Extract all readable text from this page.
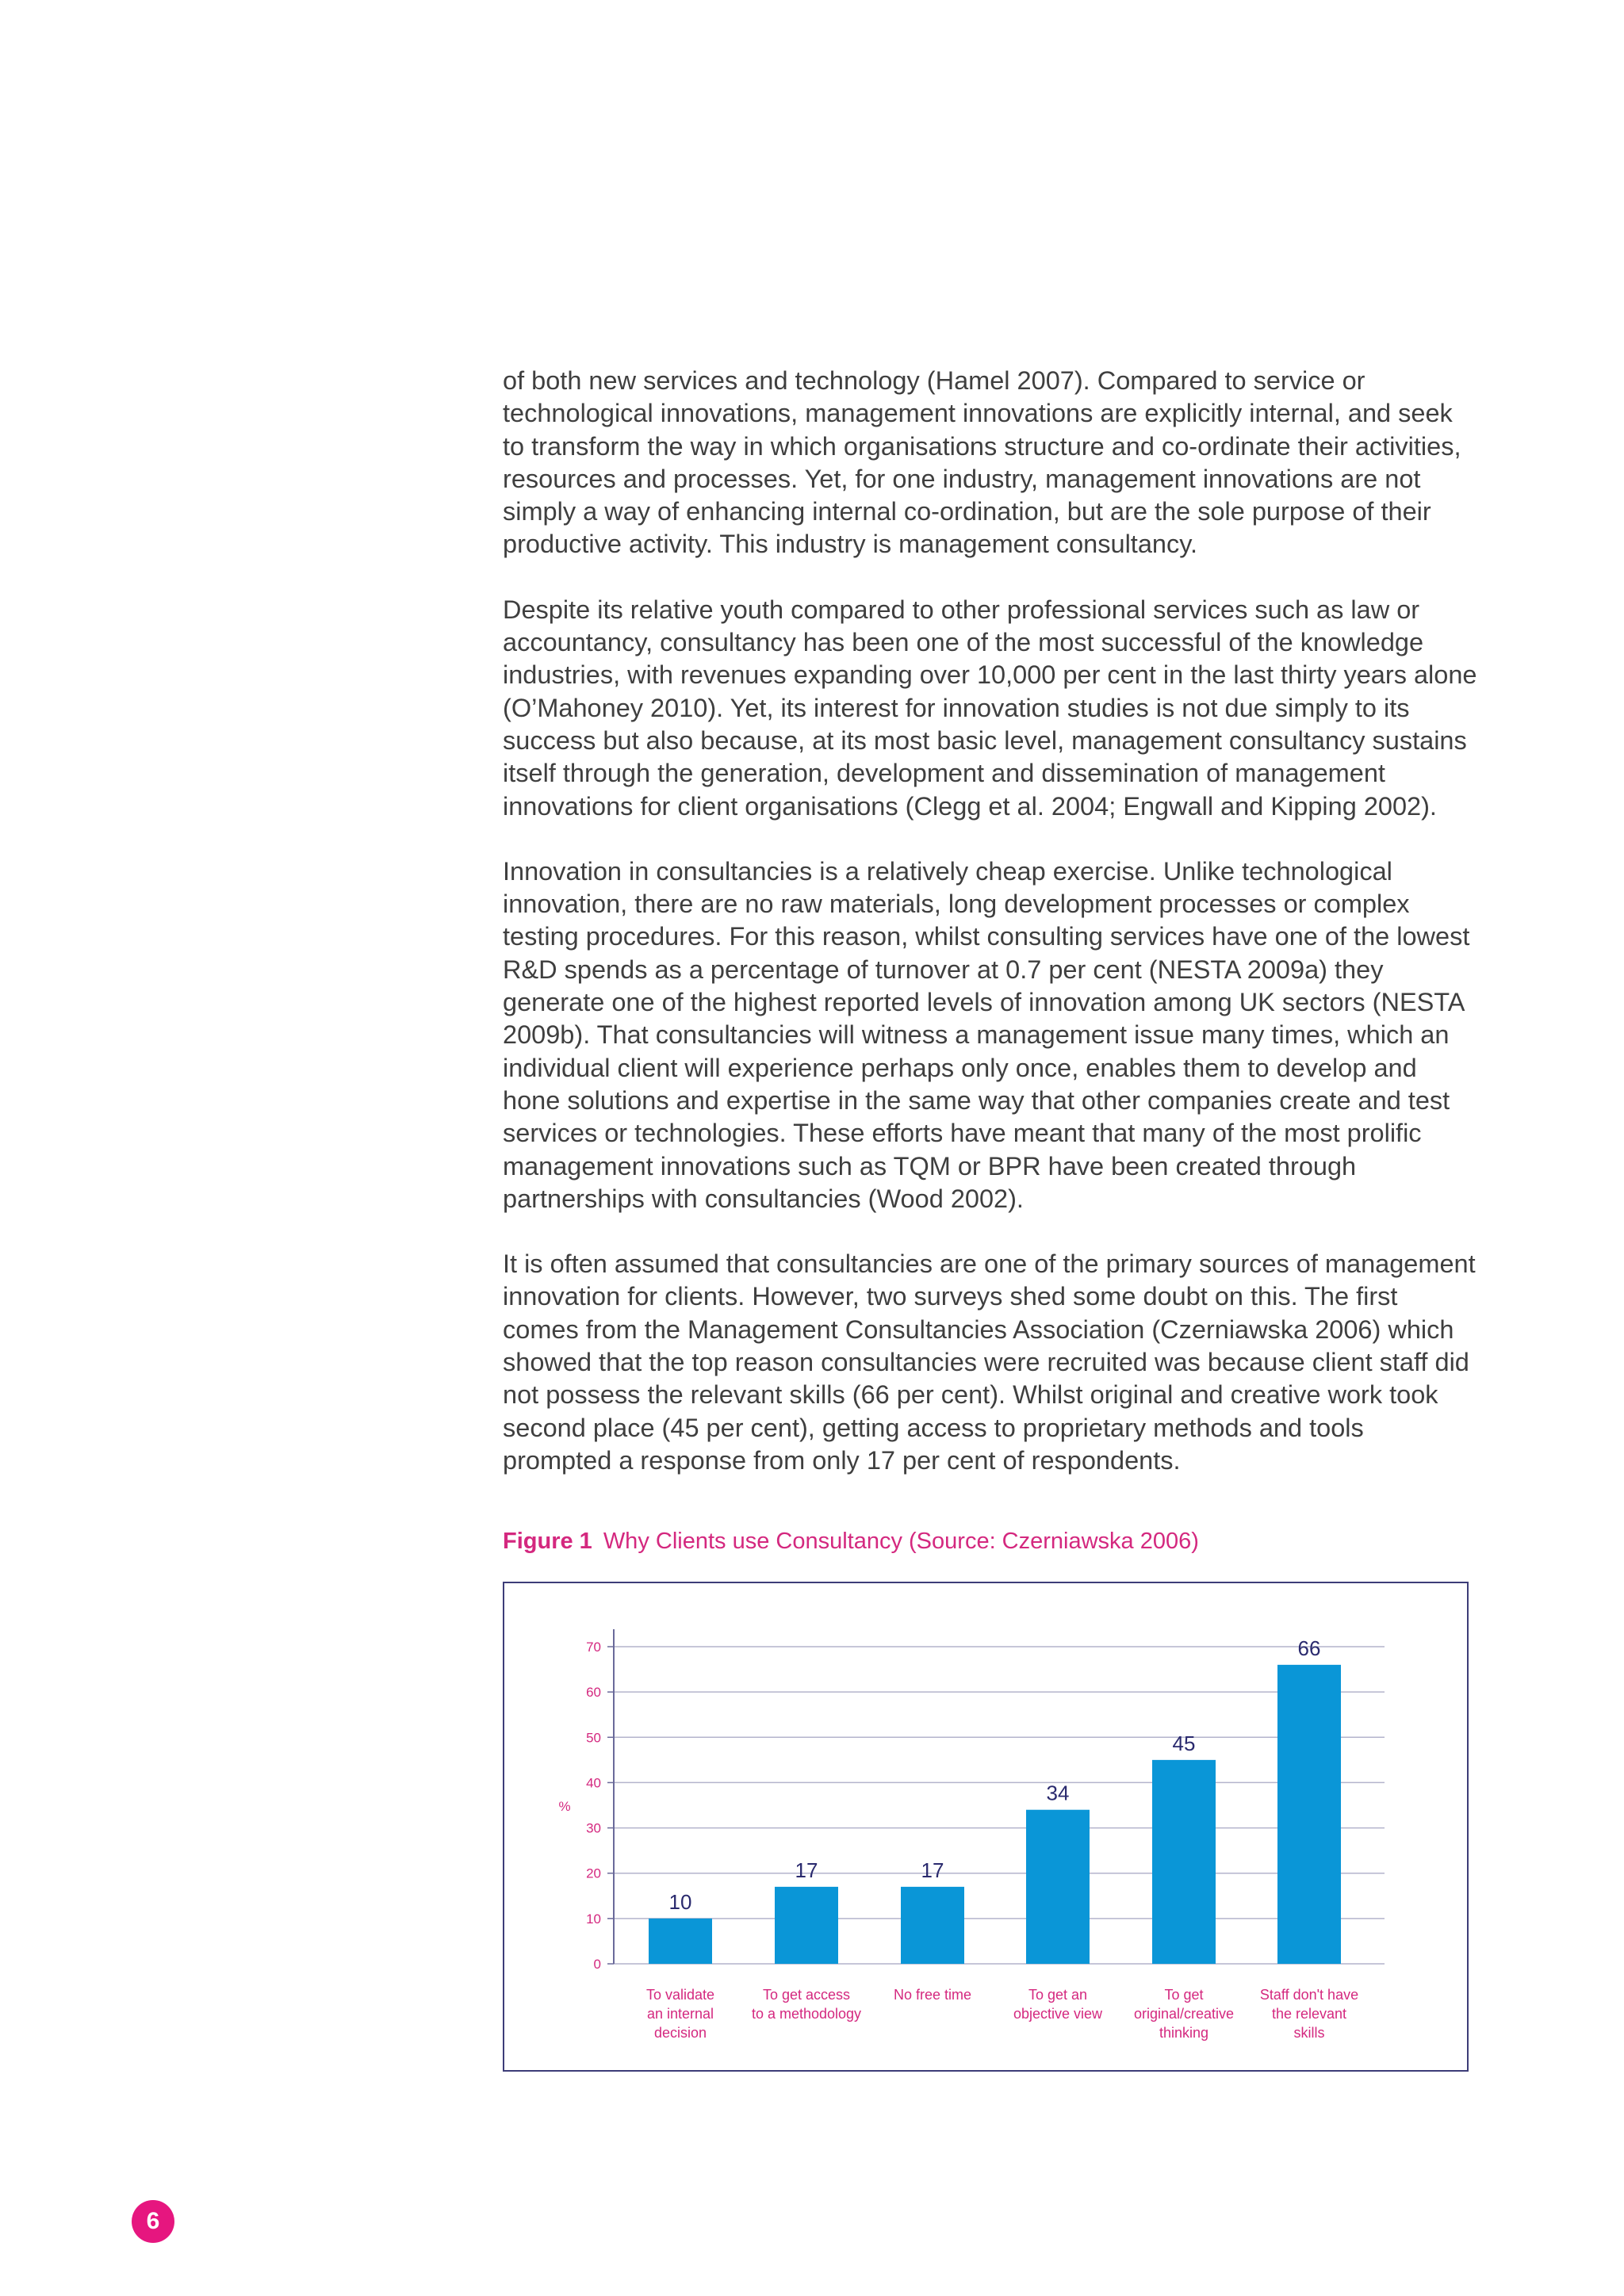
of both new services and technology (Hamel 2007). Compared to service or technological innovations, management innovations are explicitly internal, and seek to transform the way in which organisations structure and co-ordinate their activities, resources and processes. Yet, for one industry, management innovations are not simply a way of enhancing internal co-ordination, but are the sole purpose of their productive activity. This industry is management consultancy.

Despite its relative youth compared to other professional services such as law or accountancy, consultancy has been one of the most successful of the knowledge industries, with revenues expanding over 10,000 per cent in the last thirty years alone (O’Mahoney 2010). Yet, its interest for innovation studies is not due simply to its success but also because, at its most basic level, management consultancy sustains itself through the generation, development and dissemination of management innovations for client organisations (Clegg et al. 2004; Engwall and Kipping 2002).

Innovation in consultancies is a relatively cheap exercise. Unlike technological innovation, there are no raw materials, long development processes or complex testing procedures. For this reason, whilst consulting services have one of the lowest R&D spends as a percentage of turnover at 0.7 per cent (NESTA 2009a) they generate one of the highest reported levels of innovation among UK sectors (NESTA 2009b). That consultancies will witness a management issue many times, which an individual client will experience perhaps only once, enables them to develop and hone solutions and expertise in the same way that other companies create and test services or technologies. These efforts have meant that many of the most prolific management innovations such as TQM or BPR have been created through partnerships with consultancies (Wood 2002).

It is often assumed that consultancies are one of the primary sources of management innovation for clients. However, two surveys shed some doubt on this. The first comes from the Management Consultancies Association (Czerniawska 2006) which showed that the top reason consultancies were recruited was because client staff did not possess the relevant skills (66 per cent). Whilst original and creative work took second place (45 per cent), getting access to proprietary methods and tools prompted a response from only 17 per cent of respondents.

Figure 1 Why Clients use Consultancy (Source: Czerniawska 2006)
0
10
20
30
40
50
60
70
%
10
To validate
an internal
decision
17
To get access
to a methodology
17
No free time
34
To get an
objective view
45
To get
original/creative
thinking
66
Staff don't have
the relevant
skills
6
